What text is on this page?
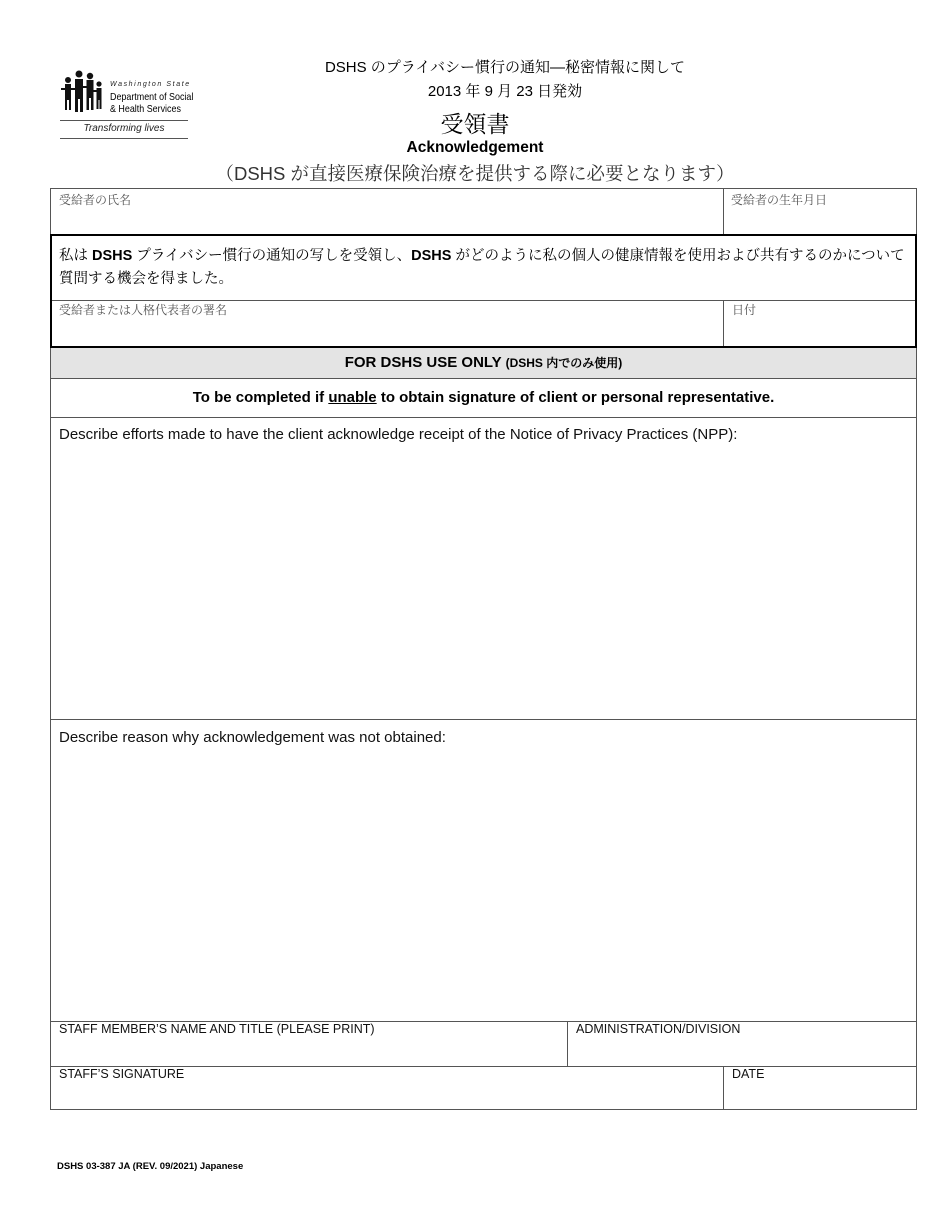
Washington State
Department of Social
& Health Services
Transforming lives
DSHS のプライバシー慣行の通知—秘密情報に関して
2013 年 9 月 23 日発効
受領書
Acknowledgement
（DSHS が直接医療保険治療を提供する際に必要となります）
受給者の氏名	受給者の生年月日
私は DSHS プライバシー慣行の通知の写しを受領し、DSHS がどのように私の個人の健康情報を使用および共有するのかについて質問する機会を得ました。
受給者または人格代表者の署名	日付
FOR DSHS USE ONLY (DSHS 内でのみ使用)
To be completed if unable to obtain signature of client or personal representative.
Describe efforts made to have the client acknowledge receipt of the Notice of Privacy Practices (NPP):
Describe reason why acknowledgement was not obtained:
STAFF MEMBER’S NAME AND TITLE (PLEASE PRINT)	ADMINISTRATION/DIVISION
STAFF’S SIGNATURE	DATE
DSHS 03-387 JA (REV. 09/2021) Japanese
